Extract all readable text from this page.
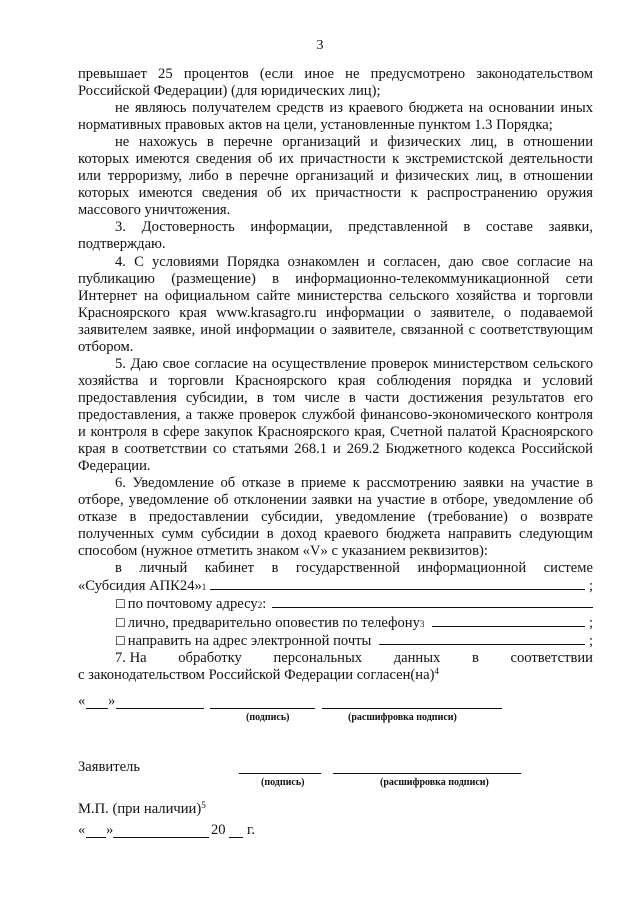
3

превышает 25 процентов (если иное не предусмотрено законодательством Российской Федерации) (для юридических лиц);

не являюсь получателем средств из краевого бюджета на основании иных нормативных правовых актов на цели, установленные пунктом 1.3 Порядка;

не нахожусь в перечне организаций и физических лиц, в отношении которых имеются сведения об их причастности к экстремистской деятельности или терроризму, либо в перечне организаций и физических лиц, в отношении которых имеются сведения об их причастности к распространению оружия массового уничтожения.

3. Достоверность информации, представленной в составе заявки, подтверждаю.

4. С условиями Порядка ознакомлен и согласен, даю свое согласие на публикацию (размещение) в информационно-телекоммуникационной сети Интернет на официальном сайте министерства сельского хозяйства и торговли Красноярского края www.krasagro.ru информации о заявителе, о подаваемой заявителем заявке, иной информации о заявителе, связанной с соответствующим отбором.

5. Даю свое согласие на осуществление проверок министерством сельского хозяйства и торговли Красноярского края соблюдения порядка и условий предоставления субсидии, в том числе в части достижения результатов его предоставления, а также проверок службой финансово-экономического контроля и контроля в сфере закупок Красноярского края, Счетной палатой Красноярского края в соответствии со статьями 268.1 и 269.2 Бюджетного кодекса Российской Федерации.

6. Уведомление об отказе в приеме к рассмотрению заявки на участие в отборе, уведомление об отклонении заявки на участие в отборе, уведомление об отказе в предоставлении субсидии, уведомление (требование) о возврате полученных сумм субсидии в доход краевого бюджета направить следующим способом (нужное отметить знаком «V» с указанием реквизитов):

в личный кабинет в государственной информационной системе
«Субсидия АПК24» 1	;
☐ по почтовому адресу 2 :
☐ лично, предварительно оповестив по телефону 3	;
☐ направить на адрес электронной почты	;
7. На обработку персональных данных в соответствии
с законодательством Российской Федерации согласен(на)$^4$
« »
(подпись)	(расшифровка подписи)
Заявитель
(подпись)	(расшифровка подписи)
М.П. (при наличии)$^5$
« »	20 г.
